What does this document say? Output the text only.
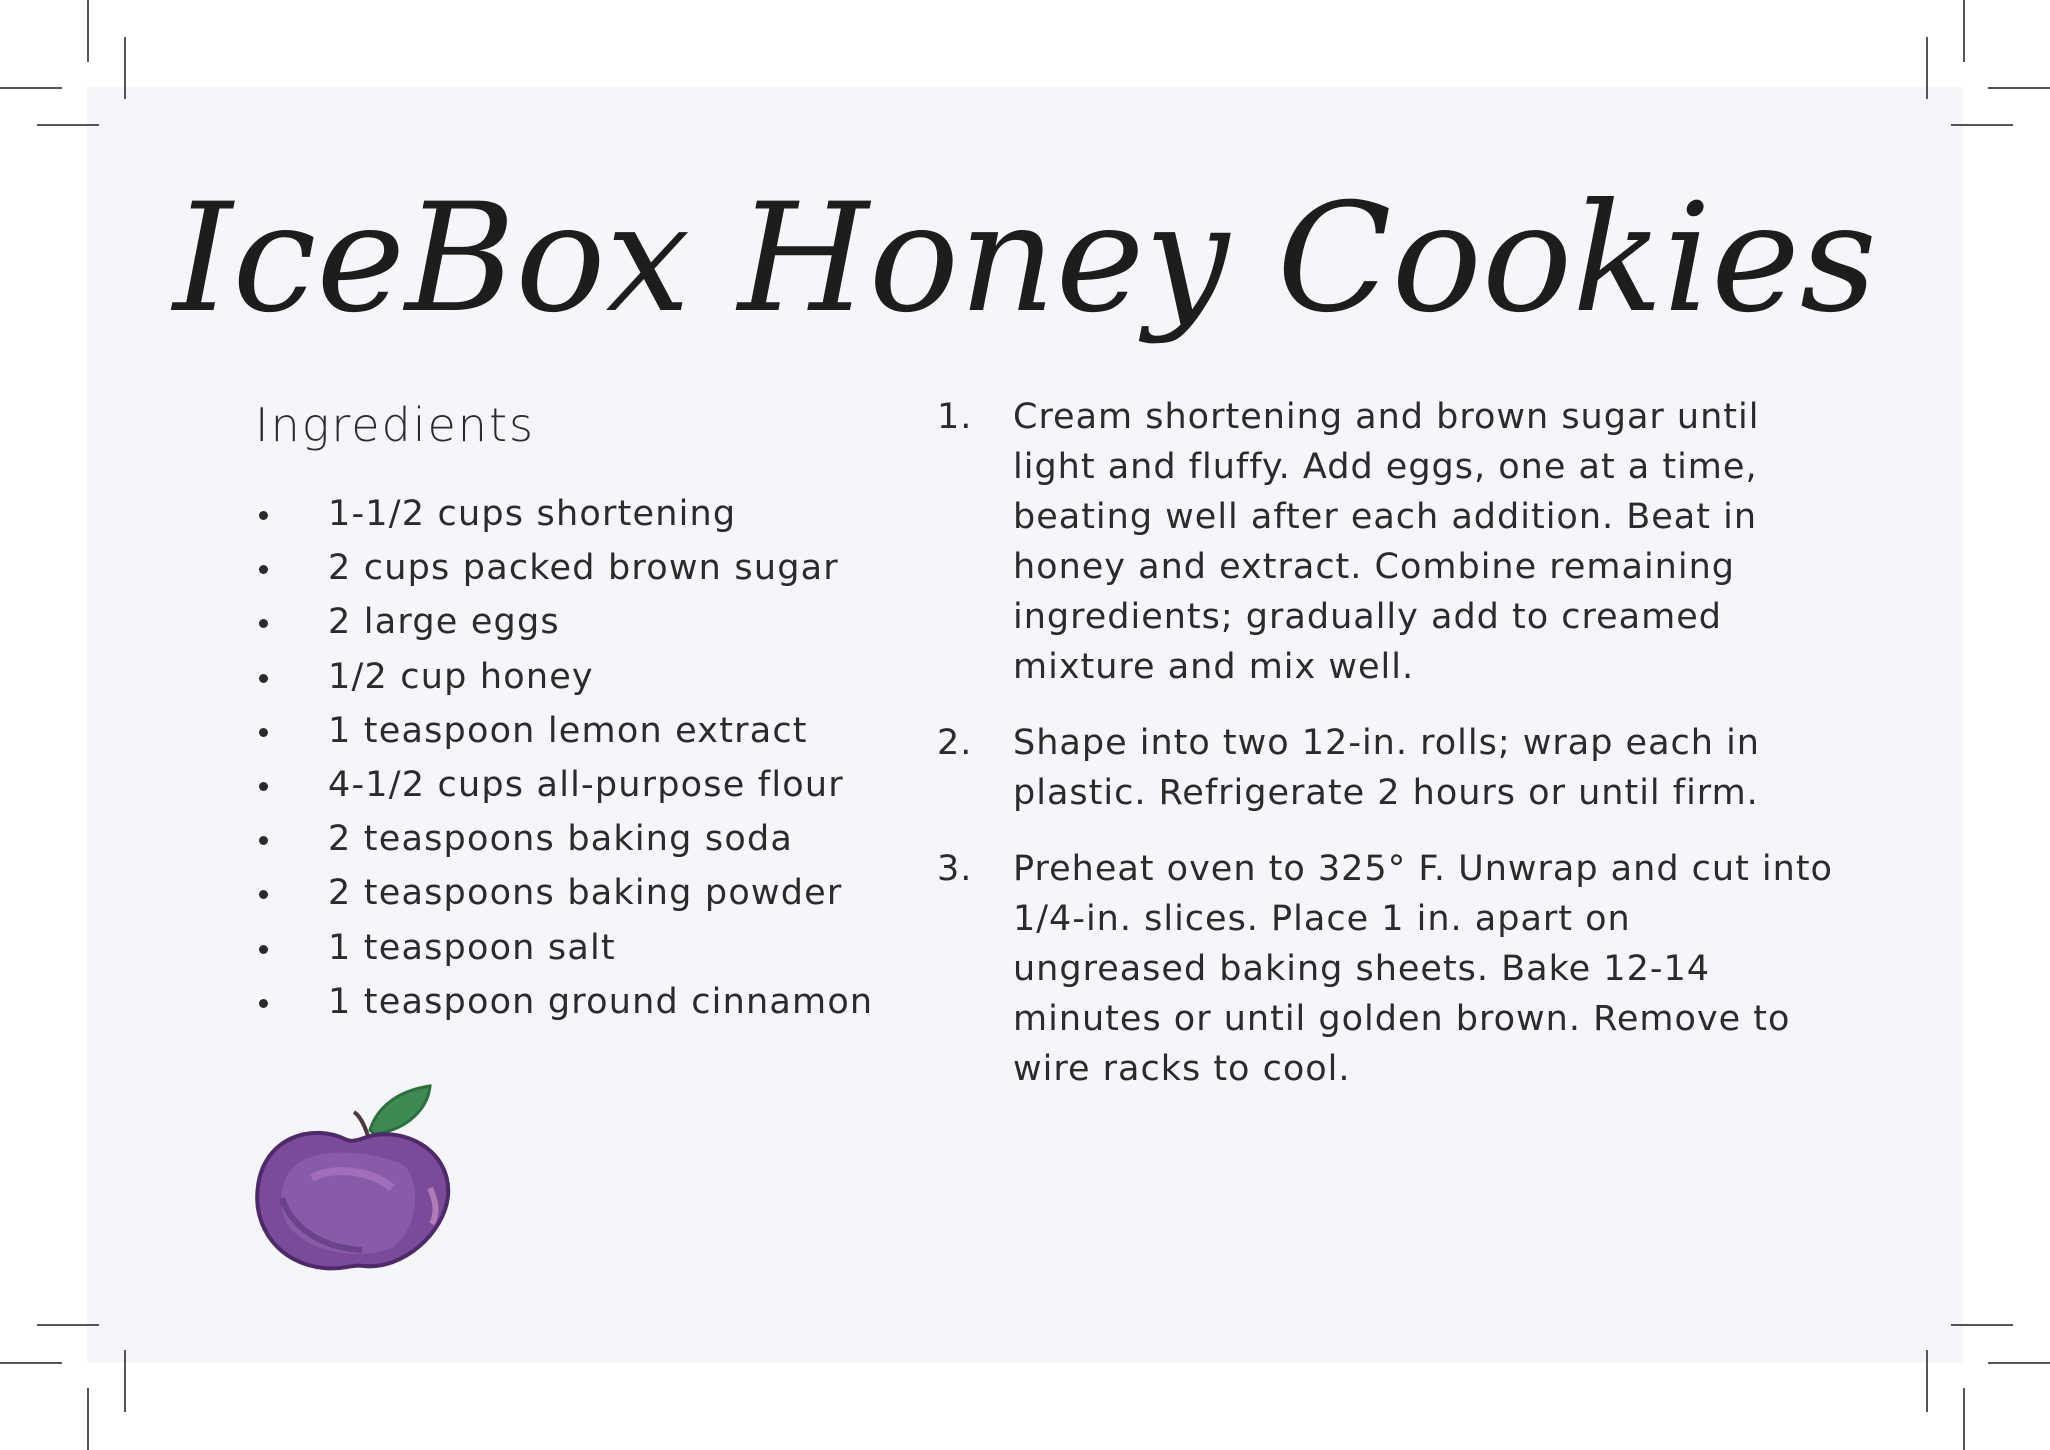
IceBox Honey Cookies
Ingredients
1-1/2 cups shortening
2 cups packed brown sugar
2 large eggs
1/2 cup honey
1 teaspoon lemon extract
4-1/2 cups all-purpose flour
2 teaspoons baking soda
2 teaspoons baking powder
1 teaspoon salt
1 teaspoon ground cinnamon
1. Cream shortening and brown sugar until light and fluffy. Add eggs, one at a time, beating well after each addition. Beat in honey and extract. Combine remaining ingredients; gradually add to creamed mixture and mix well.
2. Shape into two 12-in. rolls; wrap each in plastic. Refrigerate 2 hours or until firm.
3. Preheat oven to 325° F. Unwrap and cut into 1/4-in. slices. Place 1 in. apart on ungreased baking sheets. Bake 12-14 minutes or until golden brown. Remove to wire racks to cool.
